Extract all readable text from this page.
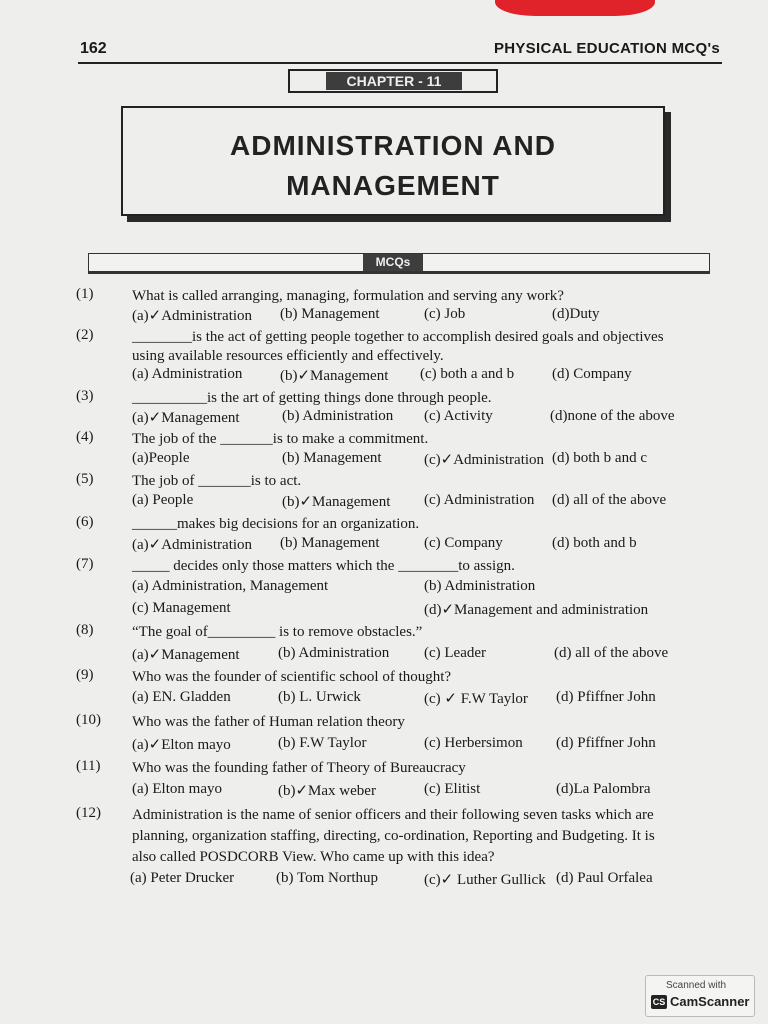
162	PHYSICAL EDUCATION MCQ's
CHAPTER - 11
ADMINISTRATION AND
MANAGEMENT
MCQs
(1)	What is called arranging, managing, formulation and serving any work?
(a)✓Administration (b) Management	(c) Job	(d)Duty
(2)	________is the act of getting people together to accomplish desired goals and objectives
using available resources efficiently and effectively.
(a) Administration	(b)✓Management (c) both a and b	(d) Company
(3)	__________is the art of getting things done through people.
(a)✓Management	(b) Administration (c) Activity	(d)none of the above
(4)	The job of the _______is to make a commitment.
(a)People	(b) Management	(c)✓Administration (d) both b and c
(5)	The job of _______is to act.
(a) People	(b)✓Management (c) Administration (d) all of the above
(6)	______makes big decisions for an organization.
(a)✓Administration (b) Management	(c) Company	(d) both and b
(7)	_____ decides only those matters which the ________to assign.
(a) Administration, Management	(b) Administration
(c) Management	(d)✓Management and administration
(8)	“The goal of_________ is to remove obstacles.”
(a)✓Management	(b) Administration (c) Leader	(d) all of the above
(9)	Who was the founder of scientific school of thought?
(a) EN. Gladden	(b) L. Urwick	(c) ✓ F.W Taylor (d) Pfiffner John
(10)	Who was the father of Human relation theory
(a)✓Elton mayo	(b) F.W Taylor	(c) Herbersimon (d) Pfiffner John
(11)	Who was the founding father of Theory of Bureaucracy
(a) Elton mayo	(b)✓Max weber	(c) Elitist	(d)La Palombra
(12)	Administration is the name of senior officers and their following seven tasks which are
planning, organization staffing, directing, co-ordination, Reporting and Budgeting. It is
also called POSDCORB View. Who came up with this idea?
(a) Peter Drucker	(b) Tom Northup	(c)✓ Luther Gullick (d) Paul Orfalea
Scanned with
CS CamScanner
